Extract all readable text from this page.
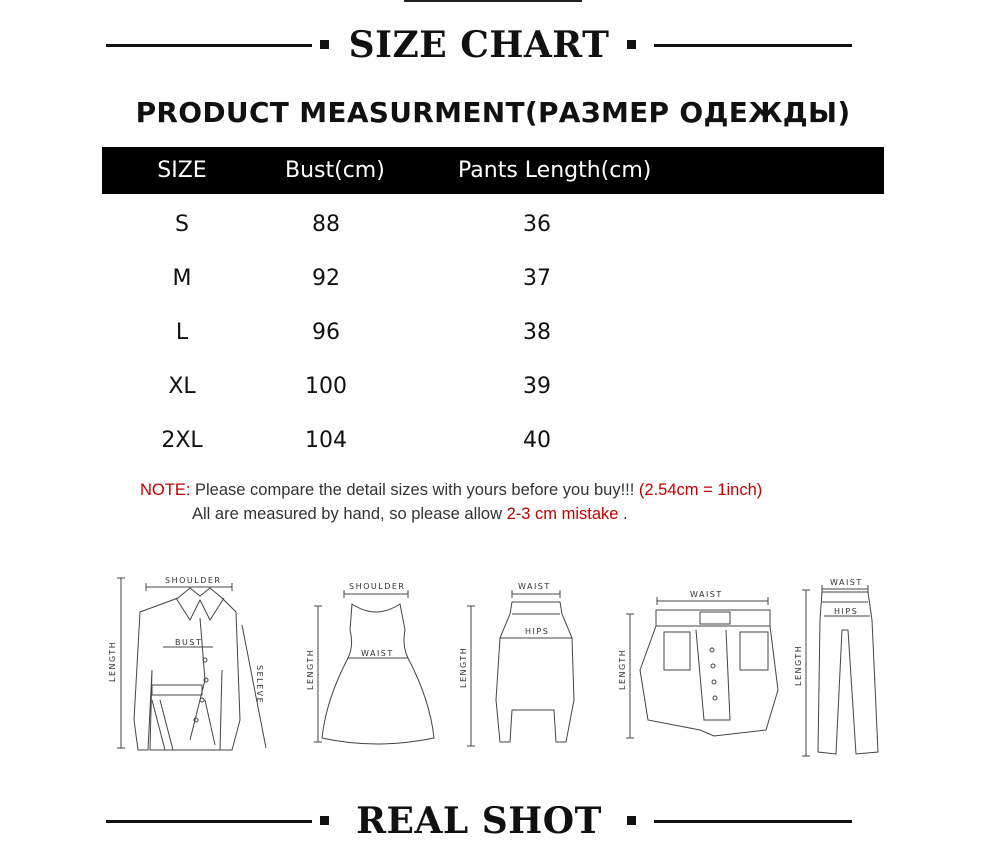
SIZE CHART
PRODUCT MEASURMENT(РАЗМЕР ОДЕЖДЫ)
SIZE	Bust(cm)	Pants Length(cm)
S	88	36
M	92	37
L	96	38
XL	100	39
2XL	104	40
NOTE: Please compare the detail sizes with yours before you buy!!! (2.54cm = 1inch)
All are measured by hand, so please allow 2-3 cm mistake .
SHOULDER
LENGTH
SELEVE
BUST
SHOULDER
LENGTH	WAIST
WAIST
LENGTH
HIPS
WAIST
LENGTH
WAIST
LENGTH
HIPS
REAL SHOT
